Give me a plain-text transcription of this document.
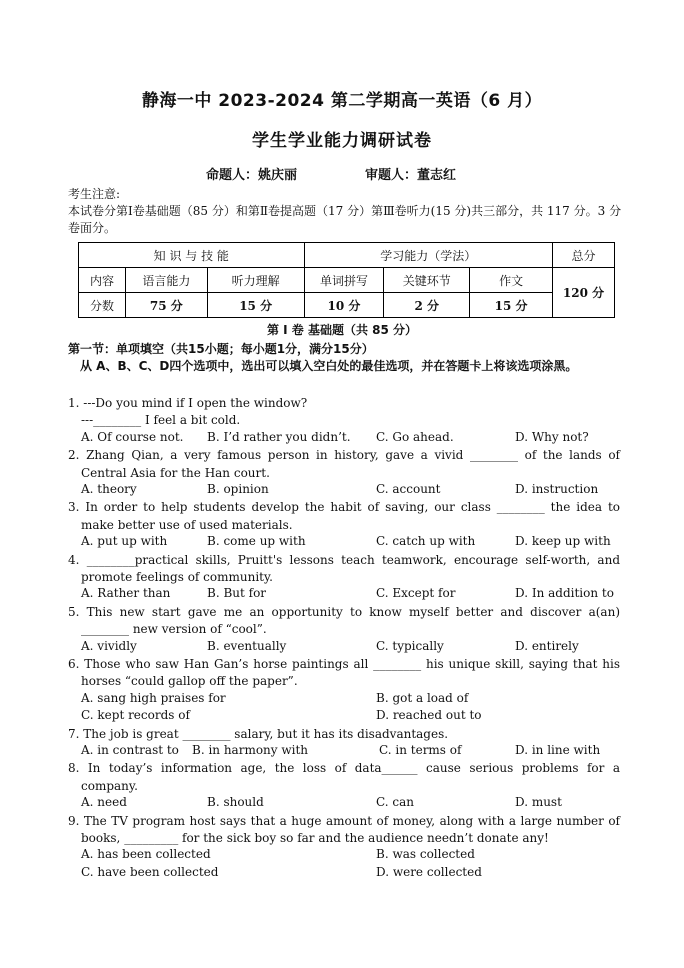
静海一中 2023-2024 第二学期高一英语（6 月）
学生学业能力调研试卷
命题人：姚庆丽	审题人：董志红
考生注意:
本试卷分第Ⅰ卷基础题（85 分）和第Ⅱ卷提高题（17 分）第Ⅲ卷听力(15 分)共三部分，共 117 分。3 分卷面分。
知 识 与 技 能			学习能力（学法）			总分
内容	语言能力	听力理解	单词拼写	关键环节	作文	120 分
分数	75 分	15 分	10 分	2 分	15 分	
第 I 卷 基础题（共 85 分）
第一节：单项填空（共15小题；每小题1分，满分15分）
从 A、B、C、D四个选项中，选出可以填入空白处的最佳选项，并在答题卡上将该选项涂黑。
1. ---Do you mind if I open the window?
---________ I feel a bit cold.
A. Of course not. B. I’d rather you didn’t. C. Go ahead.	D. Why not?
2. Zhang Qian, a very famous person in history, gave a vivid ________ of the lands of Central Asia for the Han court.
A. theory	B. opinion	C. account	D. instruction
3. In order to help students develop the habit of saving, our class ________ the idea to make better use of used materials.
A. put up with	B. come up with	C. catch up with	D. keep up with
4. ________practical skills, Pruitt's lessons teach teamwork, encourage self-worth, and promote feelings of community.
A. Rather than	B. But for	C. Except for	D. In addition to
5. This new start gave me an opportunity to know myself better and discover a(an) ________ new version of “cool”.
A. vividly	B. eventually	C. typically	D. entirely
6. Those who saw Han Gan’s horse paintings all ________ his unique skill, saying that his horses “could gallop off the paper”.
A. sang high praises for	B. got a load of
C. kept records of	D. reached out to
7. The job is great ________ salary, but it has its disadvantages.
A. in contrast to B. in harmony with	C. in terms of	D. in line with
8. In today’s information age, the loss of data______ cause serious problems for a company.
A. need	B. should	C. can	D. must
9. The TV program host says that a huge amount of money, along with a large number of books, _________ for the sick boy so far and the audience needn’t donate any!
A. has been collected	B. was collected
C. have been collected	D. were collected
